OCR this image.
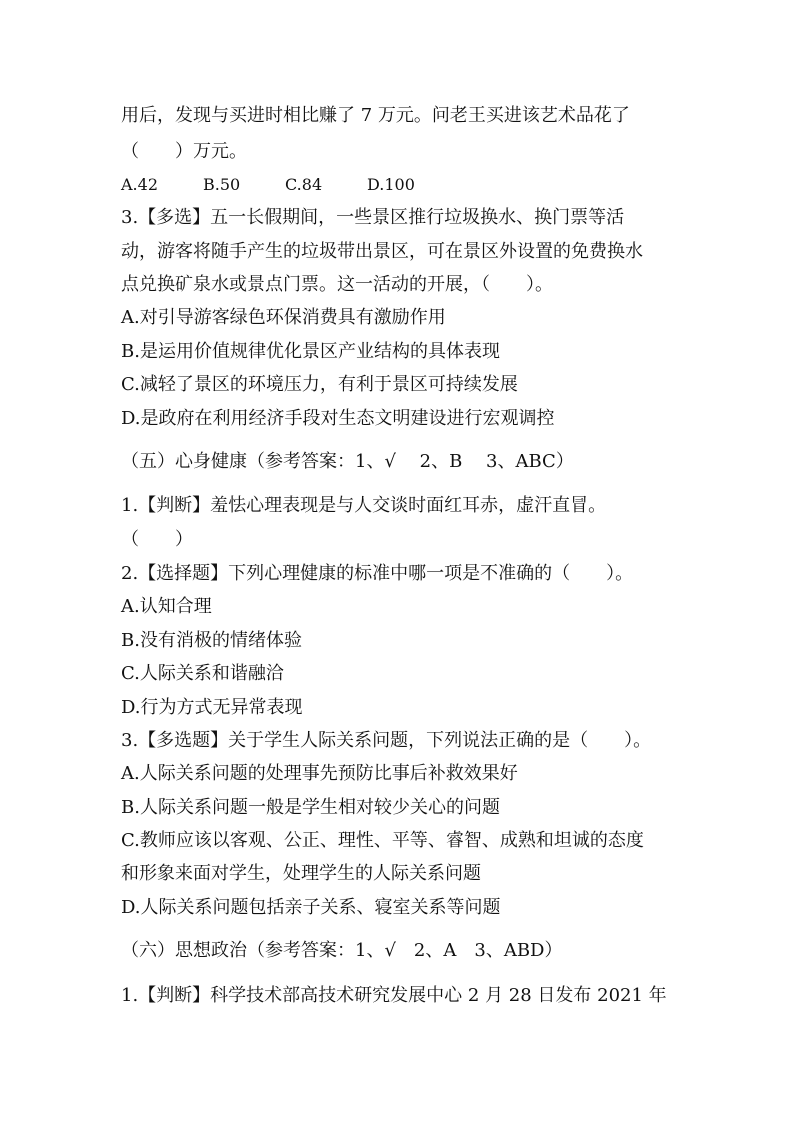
用后，发现与买进时相比赚了 7 万元。问老王买进该艺术品花了
（　　）万元。
A.42	B.50	C.84	D.100
3.【多选】五一长假期间，一些景区推行垃圾换水、换门票等活
动，游客将随手产生的垃圾带出景区，可在景区外设置的免费换水
点兑换矿泉水或景点门票。这一活动的开展，（　　）。
A.对引导游客绿色环保消费具有激励作用
B.是运用价值规律优化景区产业结构的具体表现
C.减轻了景区的环境压力，有利于景区可持续发展
D.是政府在利用经济手段对生态文明建设进行宏观调控
（五）心身健康（参考答案：1、√　 2、B　 3、ABC）
1.【判断】羞怯心理表现是与人交谈时面红耳赤，虚汗直冒。
（　　）
2.【选择题】下列心理健康的标准中哪一项是不准确的（　　）。
A.认知合理
B.没有消极的情绪体验
C.人际关系和谐融洽
D.行为方式无异常表现
3.【多选题】关于学生人际关系问题，下列说法正确的是（　　）。
A.人际关系问题的处理事先预防比事后补救效果好
B.人际关系问题一般是学生相对较少关心的问题
C.教师应该以客观、公正、理性、平等、睿智、成熟和坦诚的态度
和形象来面对学生，处理学生的人际关系问题
D.人际关系问题包括亲子关系、寝室关系等问题
（六）思想政治（参考答案：1、√　2、A　3、ABD）
1.【判断】科学技术部高技术研究发展中心 2 月 28 日发布 2021 年
